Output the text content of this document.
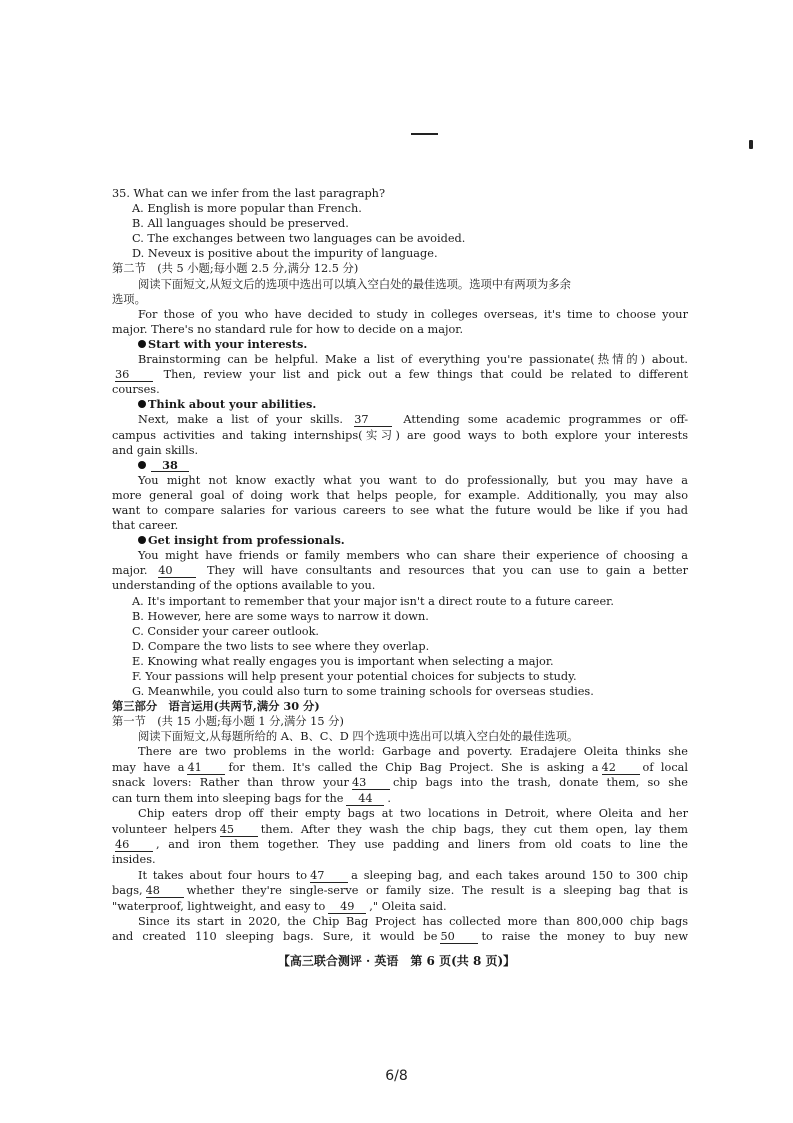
35. What can we infer from the last paragraph?

A. English is more popular than French.

B. All languages should be preserved.

C. The exchanges between two languages can be avoided.

D. Neveux is positive about the impurity of language.

第二节　(共 5 小题;每小题 2.5 分,满分 12.5 分)

阅读下面短文,从短文后的选项中选出可以填入空白处的最佳选项。选项中有两项为多余

选项。

For those of you who have decided to study in colleges overseas, it's time to choose your

major. There's no standard rule for how to decide on a major.

Start with your interests.

Brainstorming can be helpful. Make a list of everything you're passionate(热情的) about.

36	Then, review your list and pick out a few things that could be related to different

courses.

Think about your abilities.

Next, make a list of your skills. 37	Attending some academic programmes or off-

campus activities and taking internships(实习) are good ways to both explore your interests

and gain skills.

38

You might not know exactly what you want to do professionally, but you may have a

more general goal of doing work that helps people, for example. Additionally, you may also

want to compare salaries for various careers to see what the future would be like if you had

that career.

Get insight from professionals.

You might have friends or family members who can share their experience of choosing a

major. 40	They will have consultants and resources that you can use to gain a better

understanding of the options available to you.

A. It's important to remember that your major isn't a direct route to a future career.

B. However, here are some ways to narrow it down.

C. Consider your career outlook.

D. Compare the two lists to see where they overlap.

E. Knowing what really engages you is important when selecting a major.

F. Your passions will help present your potential choices for subjects to study.

G. Meanwhile, you could also turn to some training schools for overseas studies.

第三部分　语言运用(共两节,满分 30 分)

第一节　(共 15 小题;每小题 1 分,满分 15 分)

阅读下面短文,从每题所给的 A、B、C、D 四个选项中选出可以填入空白处的最佳选项。

There are two problems in the world: Garbage and poverty. Eradajere Oleita thinks she

may have a 41 for them. It's called the Chip Bag Project. She is asking a 42 of local

snack lovers: Rather than throw your 43 chip bags into the trash, donate them, so she

can turn them into sleeping bags for the 44 .

Chip eaters drop off their empty bags at two locations in Detroit, where Oleita and her

volunteer helpers 45 them. After they wash the chip bags, they cut them open, lay them

46 , and iron them together. They use padding and liners from old coats to line the

insides.

It takes about four hours to 47 a sleeping bag, and each takes around 150 to 300 chip

bags, 48 whether they're single-serve or family size. The result is a sleeping bag that is

"waterproof, lightweight, and easy to 49 ," Oleita said.

Since its start in 2020, the Chip Bag Project has collected more than 800,000 chip bags

and created 110 sleeping bags. Sure, it would be 50 to raise the money to buy new

【高三联合测评 · 英语　第 6 页(共 8 页)】
6/8
